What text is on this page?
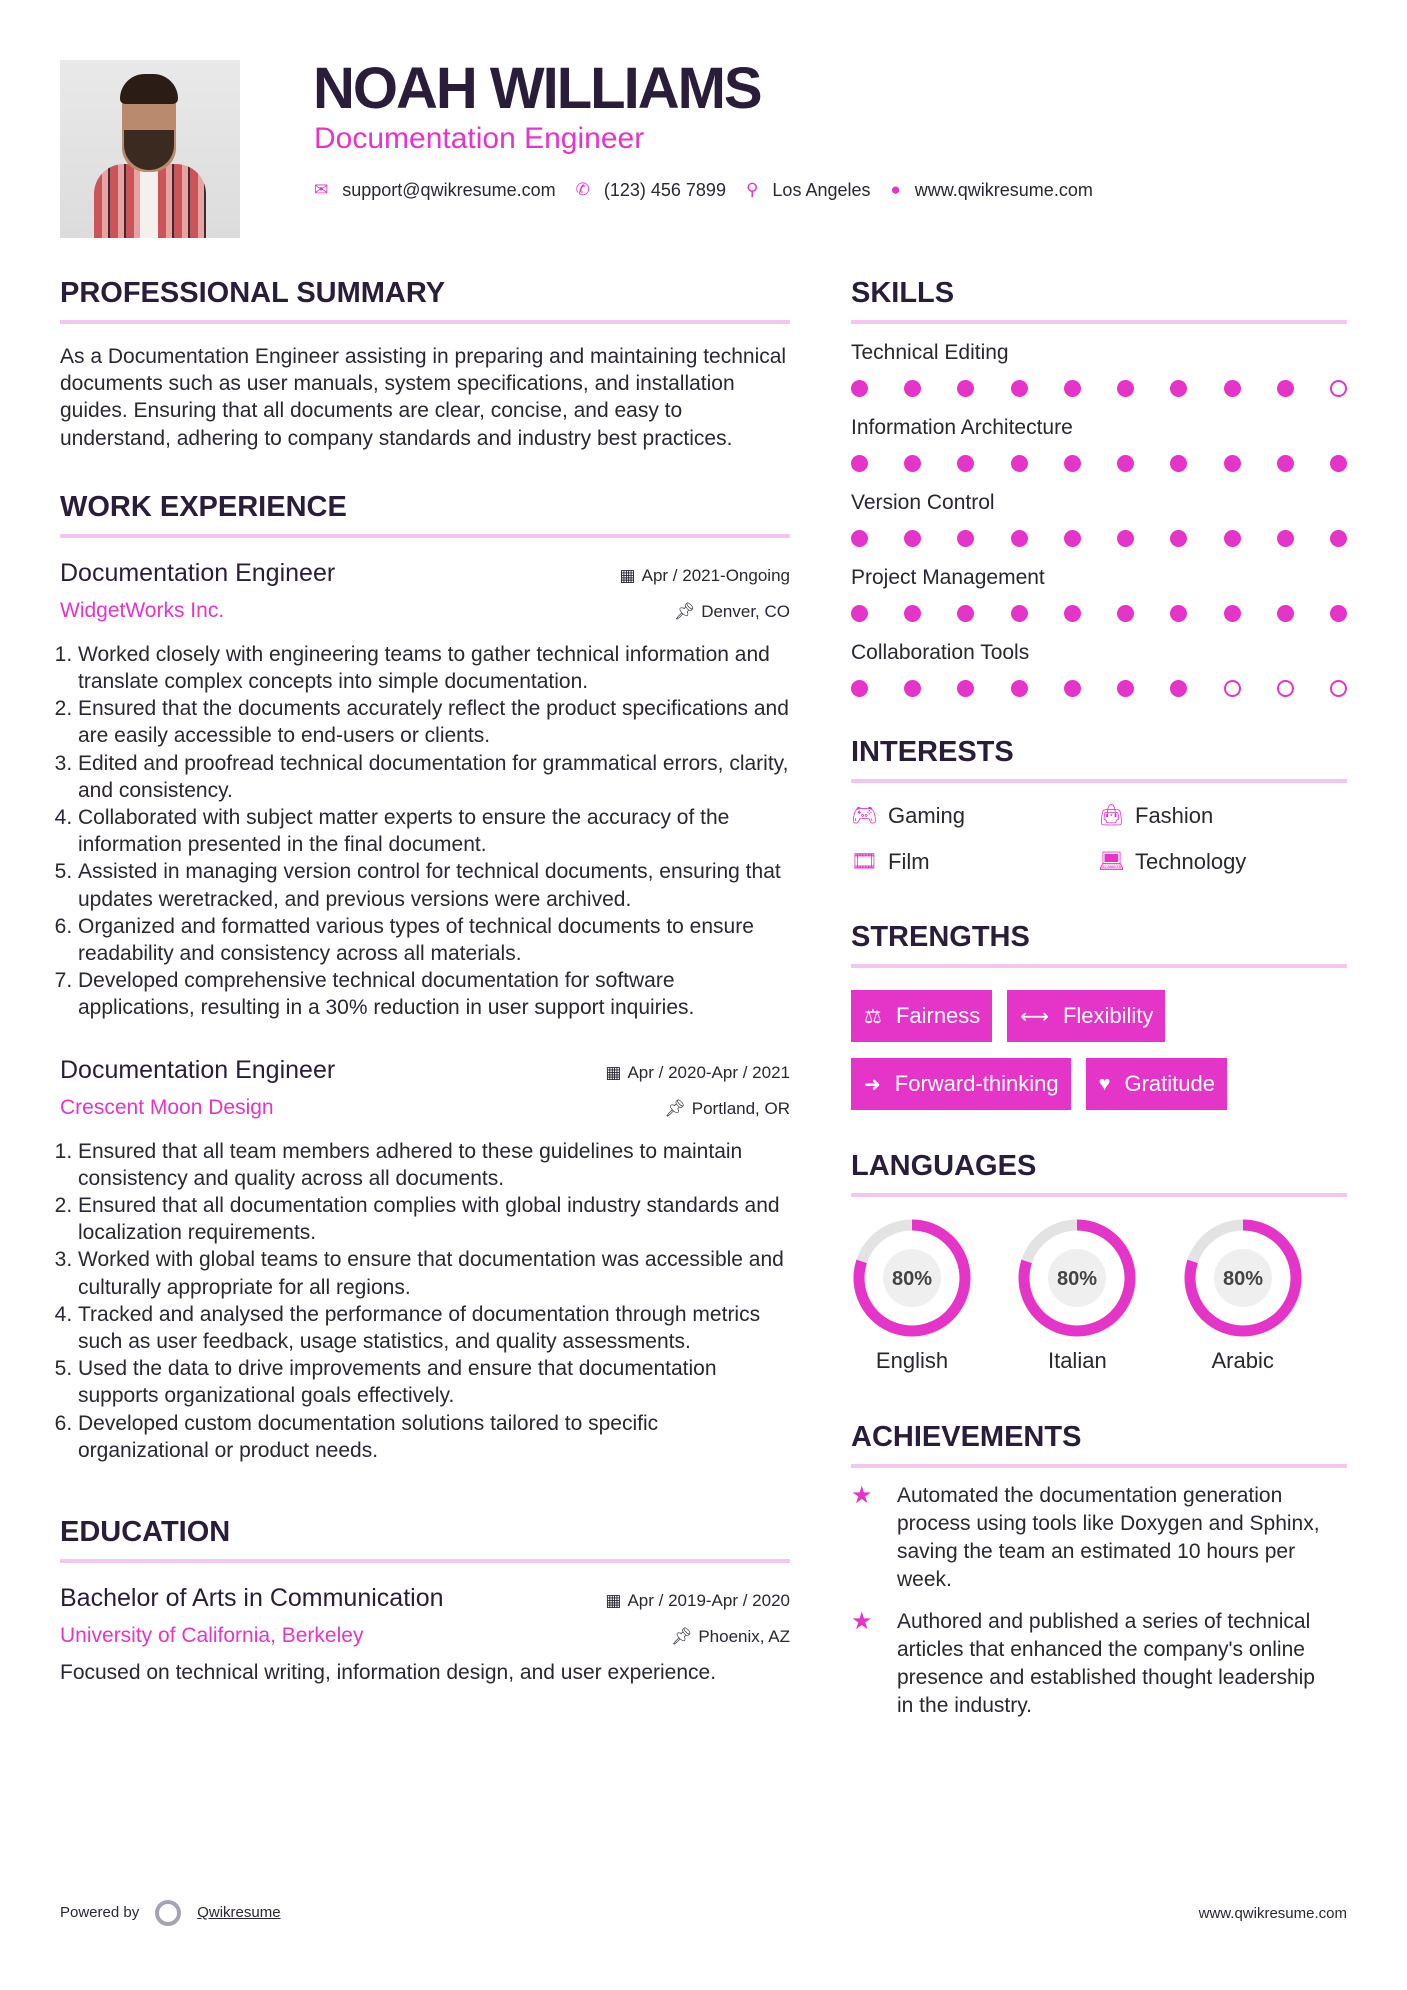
NOAH WILLIAMS
Documentation Engineer
✉ support@qwikresume.com ✆ (123) 456 7899 ⚲ Los Angeles ● www.qwikresume.com
PROFESSIONAL SUMMARY

As a Documentation Engineer assisting in preparing and maintaining technical documents such as user manuals, system specifications, and installation guides. Ensuring that all documents are clear, concise, and easy to understand, adhering to company standards and industry best practices.

WORK EXPERIENCE
Documentation Engineer	▦ Apr / 2021-Ongoing
WidgetWorks Inc.	📌︎ Denver, CO
1. Worked closely with engineering teams to gather technical information and translate complex concepts into simple documentation.
2. Ensured that the documents accurately reflect the product specifications and are easily accessible to end-users or clients.
3. Edited and proofread technical documentation for grammatical errors, clarity, and consistency.
4. Collaborated with subject matter experts to ensure the accuracy of the information presented in the final document.
5. Assisted in managing version control for technical documents, ensuring that updates weretracked, and previous versions were archived.
6. Organized and formatted various types of technical documents to ensure readability and consistency across all materials.
7. Developed comprehensive technical documentation for software applications, resulting in a 30% reduction in user support inquiries.
Documentation Engineer	▦ Apr / 2020-Apr / 2021
Crescent Moon Design	📌︎ Portland, OR
1. Ensured that all team members adhered to these guidelines to maintain consistency and quality across all documents.
2. Ensured that all documentation complies with global industry standards and localization requirements.
3. Worked with global teams to ensure that documentation was accessible and culturally appropriate for all regions.
4. Tracked and analysed the performance of documentation through metrics such as user feedback, usage statistics, and quality assessments.
5. Used the data to drive improvements and ensure that documentation supports organizational goals effectively.
6. Developed custom documentation solutions tailored to specific organizational or product needs.
EDUCATION
Bachelor of Arts in Communication	▦ Apr / 2019-Apr / 2020
University of California, Berkeley	📌︎ Phoenix, AZ

Focused on technical writing, information design, and user experience.

SKILLS
Technical Editing
Information Architecture
Version Control
Project Management
Collaboration Tools
INTERESTS
🎮︎ Gaming	👜︎ Fashion
🎞︎ Film	💻︎ Technology
STRENGTHS
⚖ Fairness ⟷ Flexibility
➜ Forward-thinking ♥ Gratitude
LANGUAGES
80%
English
80%
Italian
80%
Arabic
ACHIEVEMENTS
★	Automated the documentation generation process using tools like Doxygen and Sphinx, saving the team an estimated 10 hours per week.
★	Authored and published a series of technical articles that enhanced the company's online presence and established thought leadership in the industry.
Powered by	Qwikresume	www.qwikresume.com
